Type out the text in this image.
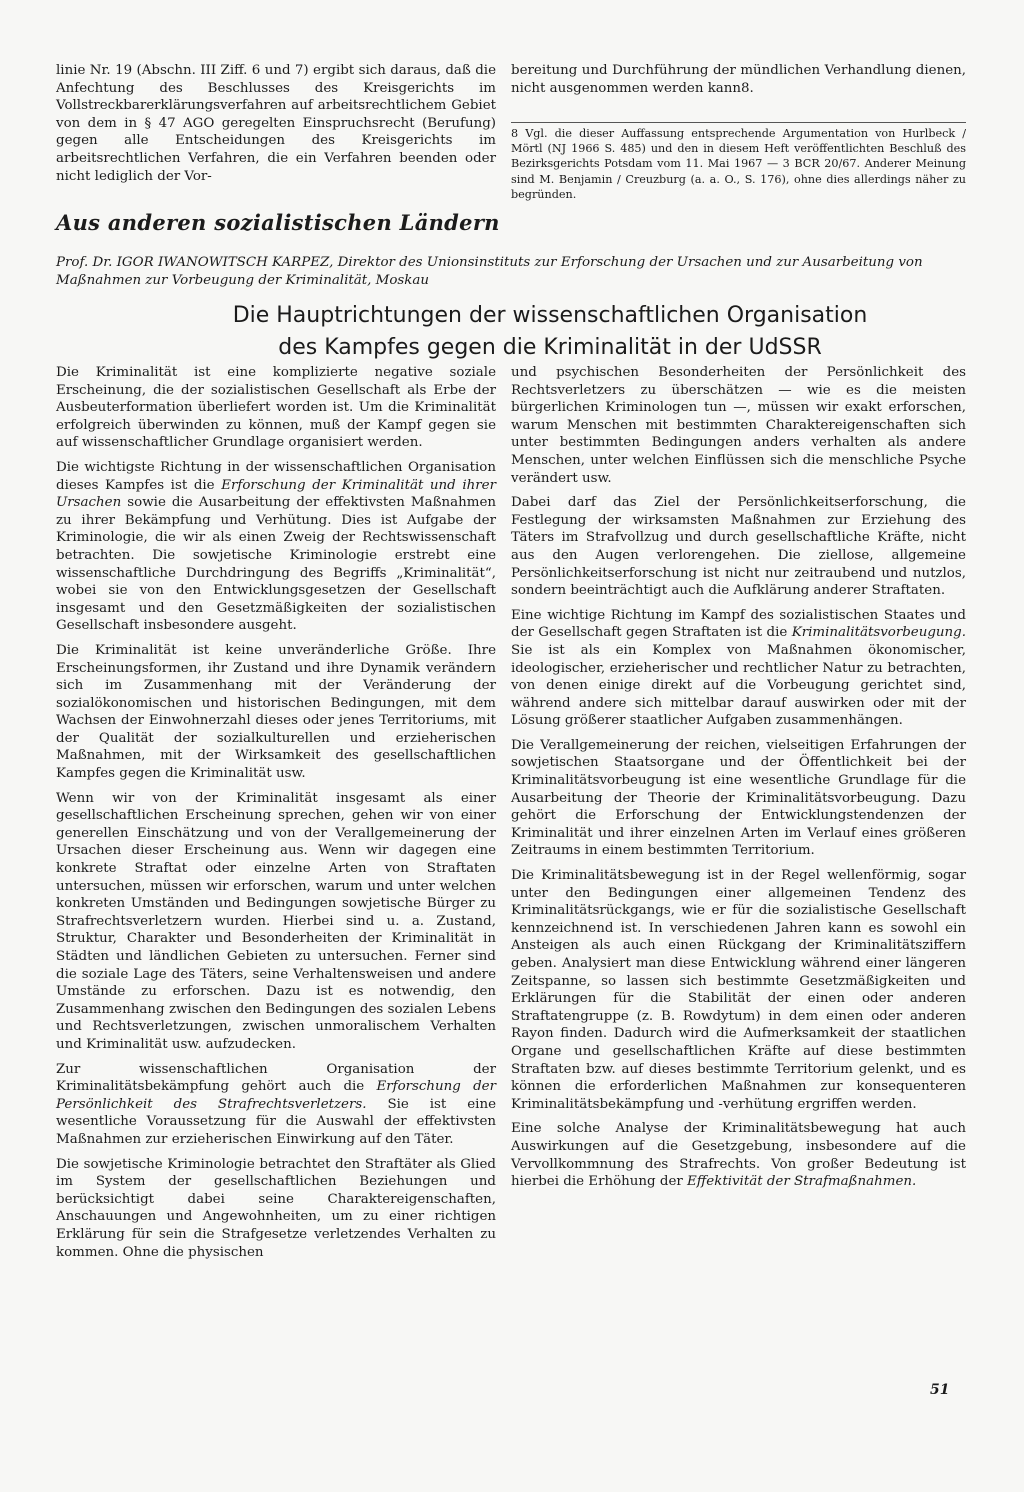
linie Nr. 19 (Abschn. III Ziff. 6 und 7) ergibt sich daraus, daß die Anfechtung des Beschlusses des Kreisgerichts im Vollstreckbarerklärungsverfahren auf arbeitsrechtlichem Gebiet von dem in § 47 AGO geregelten Einspruchsrecht (Berufung) gegen alle Entscheidungen des Kreisgerichts im arbeitsrechtlichen Verfahren, die ein Verfahren beenden oder nicht lediglich der Vor-

bereitung und Durchführung der mündlichen Verhandlung dienen, nicht ausgenommen werden kann8.

8 Vgl. die dieser Auffassung entsprechende Argumentation von Hurlbeck / Mörtl (NJ 1966 S. 485) und den in diesem Heft veröffentlichten Beschluß des Bezirksgerichts Potsdam vom 11. Mai 1967 — 3 BCR 20/67. Anderer Meinung sind M. Benjamin / Creuzburg (a. a. O., S. 176), ohne dies allerdings näher zu begründen.
Aus anderen sozialistischen Ländern
Prof. Dr. IGOR IWANOWITSCH KARPEZ, Direktor des Unionsinstituts zur Erforschung der Ursachen und zur Ausarbeitung von Maßnahmen zur Vorbeugung der Kriminalität, Moskau
Die Hauptrichtungen der wissenschaftlichen Organisation
des Kampfes gegen die Kriminalität in der UdSSR

Die Kriminalität ist eine komplizierte negative soziale Erscheinung, die der sozialistischen Gesellschaft als Erbe der Ausbeuterformation überliefert worden ist. Um die Kriminalität erfolgreich überwinden zu können, muß der Kampf gegen sie auf wissenschaftlicher Grundlage organisiert werden.

Die wichtigste Richtung in der wissenschaftlichen Organisation dieses Kampfes ist die Erforschung der Kriminalität und ihrer Ursachen sowie die Ausarbeitung der effektivsten Maßnahmen zu ihrer Bekämpfung und Verhütung. Dies ist Aufgabe der Kriminologie, die wir als einen Zweig der Rechtswissenschaft betrachten. Die sowjetische Kriminologie erstrebt eine wissenschaftliche Durchdringung des Begriffs „Kriminalität“, wobei sie von den Entwicklungsgesetzen der Gesellschaft insgesamt und den Gesetzmäßigkeiten der sozialistischen Gesellschaft insbesondere ausgeht.

Die Kriminalität ist keine unveränderliche Größe. Ihre Erscheinungsformen, ihr Zustand und ihre Dynamik verändern sich im Zusammenhang mit der Veränderung der sozialökonomischen und historischen Bedingungen, mit dem Wachsen der Einwohnerzahl dieses oder jenes Territoriums, mit der Qualität der sozialkulturellen und erzieherischen Maßnahmen, mit der Wirksamkeit des gesellschaftlichen Kampfes gegen die Kriminalität usw.

Wenn wir von der Kriminalität insgesamt als einer gesellschaftlichen Erscheinung sprechen, gehen wir von einer generellen Einschätzung und von der Verallgemeinerung der Ursachen dieser Erscheinung aus. Wenn wir dagegen eine konkrete Straftat oder einzelne Arten von Straftaten untersuchen, müssen wir erforschen, warum und unter welchen konkreten Umständen und Bedingungen sowjetische Bürger zu Strafrechtsverletzern wurden. Hierbei sind u. a. Zustand, Struktur, Charakter und Besonderheiten der Kriminalität in Städten und ländlichen Gebieten zu untersuchen. Ferner sind die soziale Lage des Täters, seine Verhaltensweisen und andere Umstände zu erforschen. Dazu ist es notwendig, den Zusammenhang zwischen den Bedingungen des sozialen Lebens und Rechtsverletzungen, zwischen unmoralischem Verhalten und Kriminalität usw. aufzudecken.

Zur wissenschaftlichen Organisation der Kriminalitätsbekämpfung gehört auch die Erforschung der Persönlichkeit des Strafrechtsverletzers. Sie ist eine wesentliche Voraussetzung für die Auswahl der effektivsten Maßnahmen zur erzieherischen Einwirkung auf den Täter.

Die sowjetische Kriminologie betrachtet den Straftäter als Glied im System der gesellschaftlichen Beziehungen und berücksichtigt dabei seine Charaktereigenschaften, Anschauungen und Angewohnheiten, um zu einer richtigen Erklärung für sein die Strafgesetze verletzendes Verhalten zu kommen. Ohne die physischen

und psychischen Besonderheiten der Persönlichkeit des Rechtsverletzers zu überschätzen — wie es die meisten bürgerlichen Kriminologen tun —, müssen wir exakt erforschen, warum Menschen mit bestimmten Charaktereigenschaften sich unter bestimmten Bedingungen anders verhalten als andere Menschen, unter welchen Einflüssen sich die menschliche Psyche verändert usw.

Dabei darf das Ziel der Persönlichkeitserforschung, die Festlegung der wirksamsten Maßnahmen zur Erziehung des Täters im Strafvollzug und durch gesellschaftliche Kräfte, nicht aus den Augen verlorengehen. Die ziellose, allgemeine Persönlichkeitserforschung ist nicht nur zeitraubend und nutzlos, sondern beeinträchtigt auch die Aufklärung anderer Straftaten.

Eine wichtige Richtung im Kampf des sozialistischen Staates und der Gesellschaft gegen Straftaten ist die Kriminalitätsvorbeugung. Sie ist als ein Komplex von Maßnahmen ökonomischer, ideologischer, erzieherischer und rechtlicher Natur zu betrachten, von denen einige direkt auf die Vorbeugung gerichtet sind, während andere sich mittelbar darauf auswirken oder mit der Lösung größerer staatlicher Aufgaben zusammenhängen.

Die Verallgemeinerung der reichen, vielseitigen Erfahrungen der sowjetischen Staatsorgane und der Öffentlichkeit bei der Kriminalitätsvorbeugung ist eine wesentliche Grundlage für die Ausarbeitung der Theorie der Kriminalitätsvorbeugung. Dazu gehört die Erforschung der Entwicklungstendenzen der Kriminalität und ihrer einzelnen Arten im Verlauf eines größeren Zeitraums in einem bestimmten Territorium.

Die Kriminalitätsbewegung ist in der Regel wellenförmig, sogar unter den Bedingungen einer allgemeinen Tendenz des Kriminalitätsrückgangs, wie er für die sozialistische Gesellschaft kennzeichnend ist. In verschiedenen Jahren kann es sowohl ein Ansteigen als auch einen Rückgang der Kriminalitätsziffern geben. Analysiert man diese Entwicklung während einer längeren Zeitspanne, so lassen sich bestimmte Gesetzmäßigkeiten und Erklärungen für die Stabilität der einen oder anderen Straftatengruppe (z. B. Rowdytum) in dem einen oder anderen Rayon finden. Dadurch wird die Aufmerksamkeit der staatlichen Organe und gesellschaftlichen Kräfte auf diese bestimmten Straftaten bzw. auf dieses bestimmte Territorium gelenkt, und es können die erforderlichen Maßnahmen zur konsequenteren Kriminalitätsbekämpfung und -verhütung ergriffen werden.

Eine solche Analyse der Kriminalitätsbewegung hat auch Auswirkungen auf die Gesetzgebung, insbesondere auf die Vervollkommnung des Strafrechts. Von großer Bedeutung ist hierbei die Erhöhung der Effektivität der Strafmaßnahmen.

51
